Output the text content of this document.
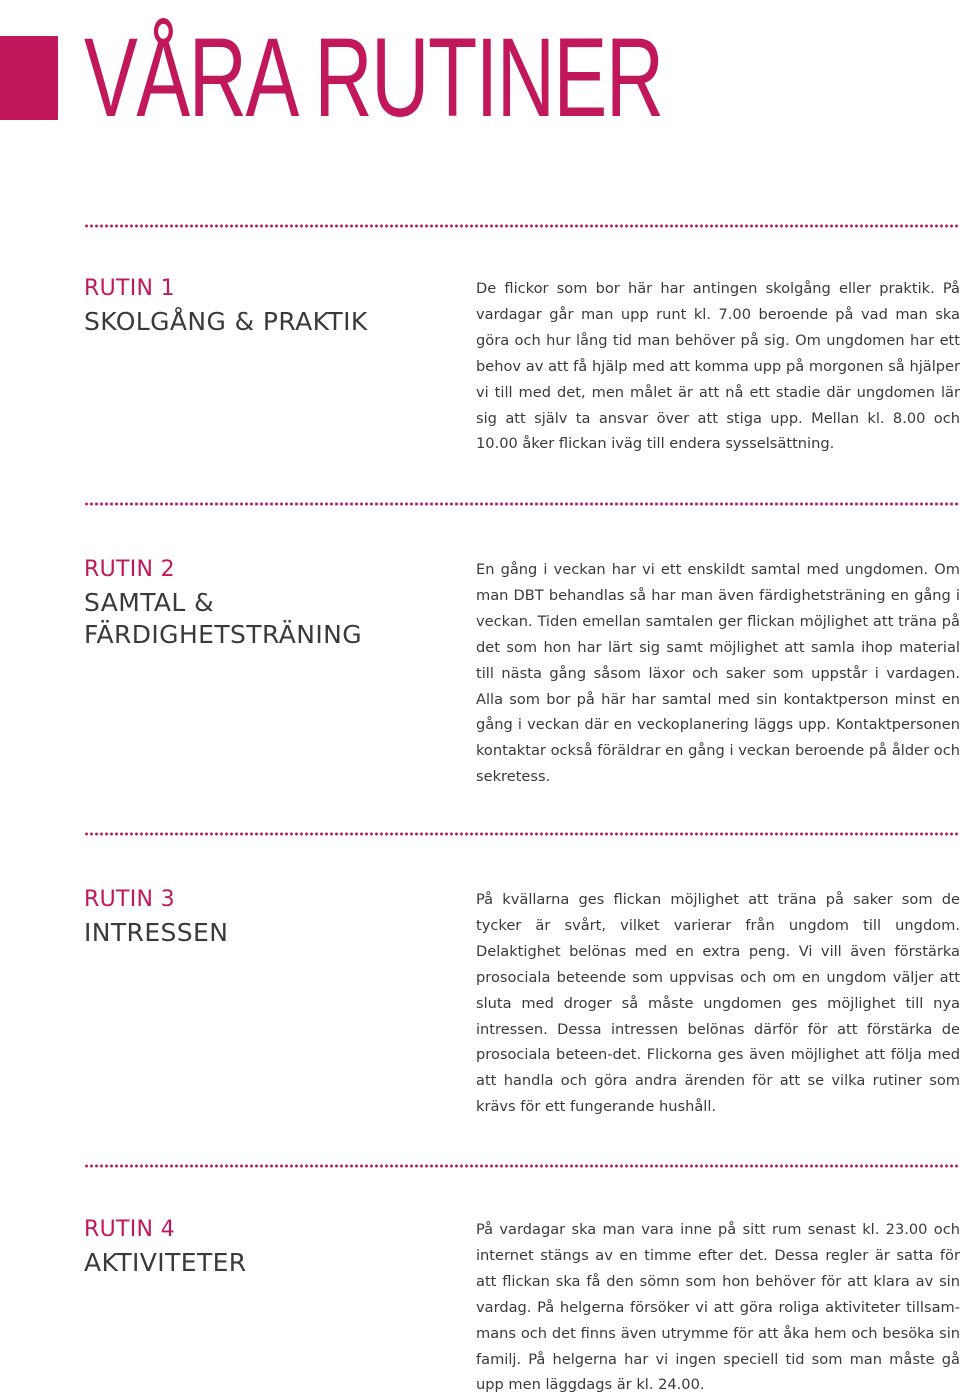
VÅRA RUTINER
RUTIN 1
SKOLGÅNG & PRAKTIK

De flickor som bor här har antingen skolgång eller praktik. På vardagar går man upp runt kl. 7.00 beroende på vad man ska göra och hur lång tid man behöver på sig. Om ungdomen har ett behov av att få hjälp med att komma upp på morgonen så hjälper vi till med det, men målet är att nå ett stadie där ungdomen lär sig att själv ta ansvar över att stiga upp. Mellan kl. 8.00 och 10.00 åker flickan iväg till endera sysselsättning.

RUTIN 2
SAMTAL & FÄRDIGHETSTRÄNING

En gång i veckan har vi ett enskildt samtal med ungdomen. Om man DBT behandlas så har man även färdighetsträning en gång i veckan. Tiden emellan samtalen ger flickan möjlighet att träna på det som hon har lärt sig samt möjlighet att samla ihop material till nästa gång såsom läxor och saker som uppstår i vardagen. Alla som bor på här har samtal med sin kontaktperson minst en gång i veckan där en veckoplanering läggs upp. Kontaktpersonen kontaktar också föräldrar en gång i veckan beroende på ålder och sekretess.

RUTIN 3
INTRESSEN

På kvällarna ges flickan möjlighet att träna på saker som de tycker är svårt, vilket varierar från ungdom till ungdom. Delaktighet belönas med en extra peng. Vi vill även förstärka prosociala beteende som uppvisas och om en ungdom väljer att sluta med droger så måste ungdomen ges möjlighet till nya intressen. Dessa intressen belönas därför för att förstärka de prosociala beteen-det. Flickorna ges även möjlighet att följa med att handla och göra andra ärenden för att se vilka rutiner som krävs för ett fungerande hushåll.

RUTIN 4
AKTIVITETER

På vardagar ska man vara inne på sitt rum senast kl. 23.00 och internet stängs av en timme efter det. Dessa regler är satta för att flickan ska få den sömn som hon behöver för att klara av sin vardag. På helgerna försöker vi att göra roliga aktiviteter tillsam-mans och det finns även utrymme för att åka hem och besöka sin familj. På helgerna har vi ingen speciell tid som man måste gå upp men läggdags är kl. 24.00.
